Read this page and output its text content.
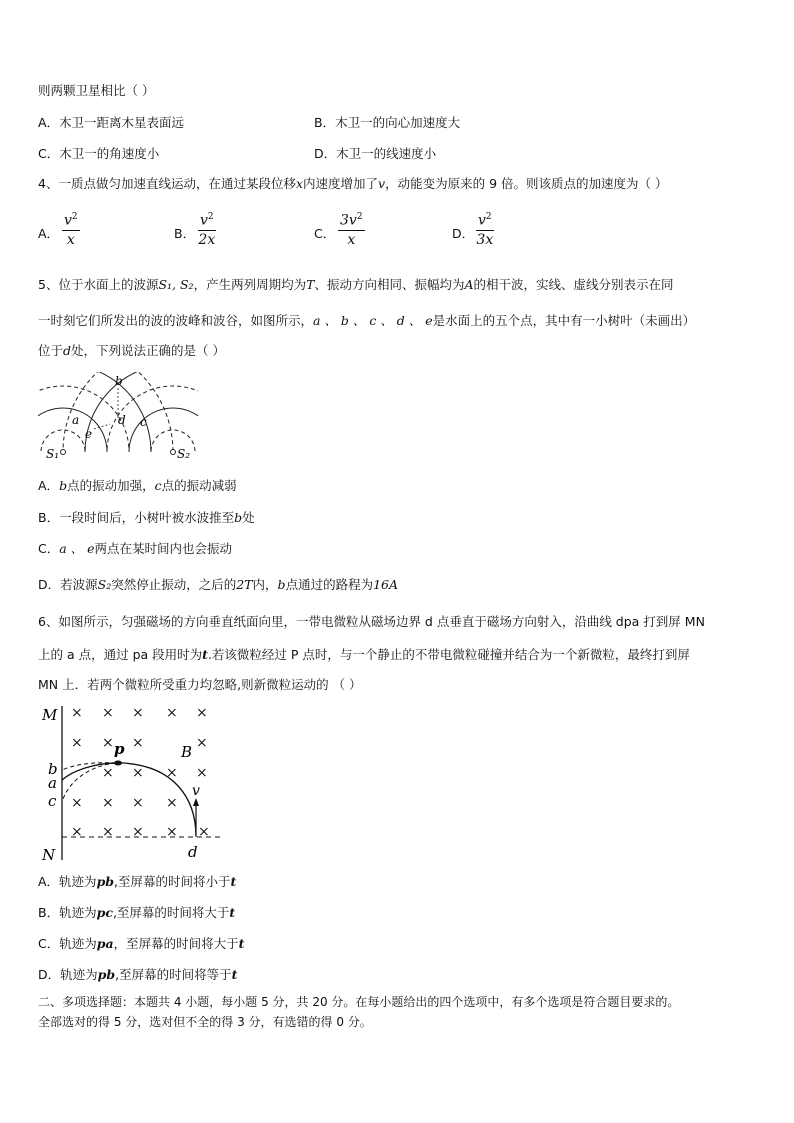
则两颗卫星相比（ ）
A．木卫一距离木星表面远	B．木卫一的向心加速度大
C．木卫一的角速度小	D．木卫一的线速度小
4、一质点做匀加速直线运动，在通过某段位移x内速度增加了v，动能变为原来的 9 倍。则该质点的加速度为（ ）
A． $\frac{v^2}{x}$	B． $\frac{v^2}{2x}$	C． $\frac{3v^2}{x}$	D． $\frac{v^2}{3x}$
5、位于水面上的波源S₁, S₂，产生两列周期均为T、振动方向相同、振幅均为A的相干波，实线、虚线分别表示在同
一时刻它们所发出的波的波峰和波谷，如图所示，a 、 b 、 c 、 d 、 e是水面上的五个点，其中有一小树叶（未画出）
位于d处，下列说法正确的是（ ）
b
a
e
d c
S₁	S₂
A．b点的振动加强，c点的振动减弱
B．一段时间后，小树叶被水波推至b处
C．a 、 e两点在某时间内也会振动
D．若波源S₂突然停止振动，之后的2T内，b点通过的路程为16A
6、如图所示，匀强磁场的方向垂直纸面向里，一带电微粒从磁场边界 d 点垂直于磁场方向射入，沿曲线 dpa 打到屏 MN
上的 a 点，通过 pa 段用时为t.若该微粒经过 P 点时，与一个静止的不带电微粒碰撞并结合为一个新微粒，最终打到屏
MN 上．若两个微粒所受重力均忽略,则新微粒运动的 （ ）
× × × × ×
× × ×	×
× × × ×
× × × ×
× × × × ×
M
N
p	B
b
a
c
v
d
A．轨迹为pb,至屏幕的时间将小于t
B．轨迹为pc,至屏幕的时间将大于t
C．轨迹为pa，至屏幕的时间将大于t
D．轨迹为pb,至屏幕的时间将等于t
二、多项选择题：本题共 4 小题，每小题 5 分，共 20 分。在每小题给出的四个选项中，有多个选项是符合题目要求的。
全部选对的得 5 分，选对但不全的得 3 分，有选错的得 0 分。
